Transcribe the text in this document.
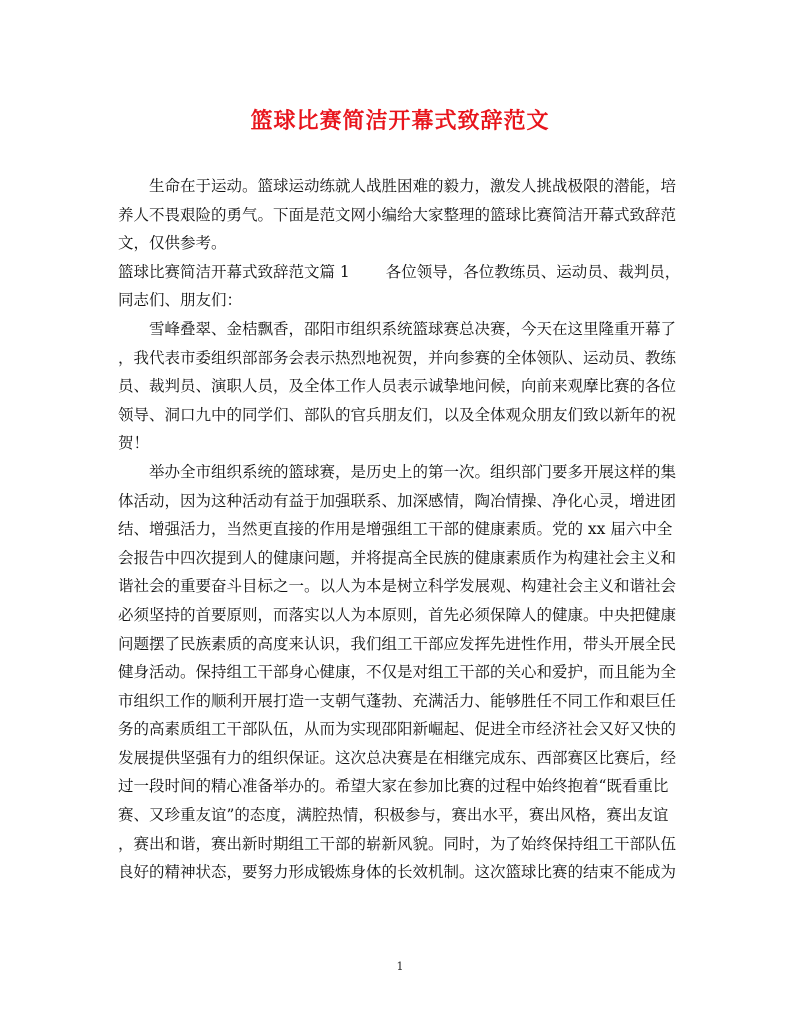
篮球比赛简洁开幕式致辞范文
生命在于运动。篮球运动练就人战胜困难的毅力，激发人挑战极限的潜能，培
养人不畏艰险的勇气。下面是范文网小编给大家整理的篮球比赛简洁开幕式致辞范
文，仅供参考。
篮球比赛简洁开幕式致辞范文篇 1 各位领导，各位教练员、运动员、裁判员，
同志们、朋友们：
雪峰叠翠、金桔飘香，邵阳市组织系统篮球赛总决赛，今天在这里隆重开幕了
，我代表市委组织部部务会表示热烈地祝贺，并向参赛的全体领队、运动员、教练
员、裁判员、演职人员，及全体工作人员表示诚挚地问候，向前来观摩比赛的各位
领导、洞口九中的同学们、部队的官兵朋友们，以及全体观众朋友们致以新年的祝
贺！
举办全市组织系统的篮球赛，是历史上的第一次。组织部门要多开展这样的集
体活动，因为这种活动有益于加强联系、加深感情，陶冶情操、净化心灵，增进团
结、增强活力，当然更直接的作用是增强组工干部的健康素质。党的 xx 届六中全
会报告中四次提到人的健康问题，并将提高全民族的健康素质作为构建社会主义和
谐社会的重要奋斗目标之一。以人为本是树立科学发展观、构建社会主义和谐社会
必须坚持的首要原则，而落实以人为本原则，首先必须保障人的健康。中央把健康
问题摆了民族素质的高度来认识，我们组工干部应发挥先进性作用，带头开展全民
健身活动。保持组工干部身心健康，不仅是对组工干部的关心和爱护，而且能为全
市组织工作的顺利开展打造一支朝气蓬勃、充满活力、能够胜任不同工作和艰巨任
务的高素质组工干部队伍，从而为实现邵阳新崛起、促进全市经济社会又好又快的
发展提供坚强有力的组织保证。这次总决赛是在相继完成东、西部赛区比赛后，经
过一段时间的精心准备举办的。希望大家在参加比赛的过程中始终抱着“既看重比
赛、又珍重友谊”的态度，满腔热情，积极参与，赛出水平，赛出风格，赛出友谊
，赛出和谐，赛出新时期组工干部的崭新风貌。同时，为了始终保持组工干部队伍
良好的精神状态，要努力形成锻炼身体的长效机制。这次篮球比赛的结束不能成为
1
